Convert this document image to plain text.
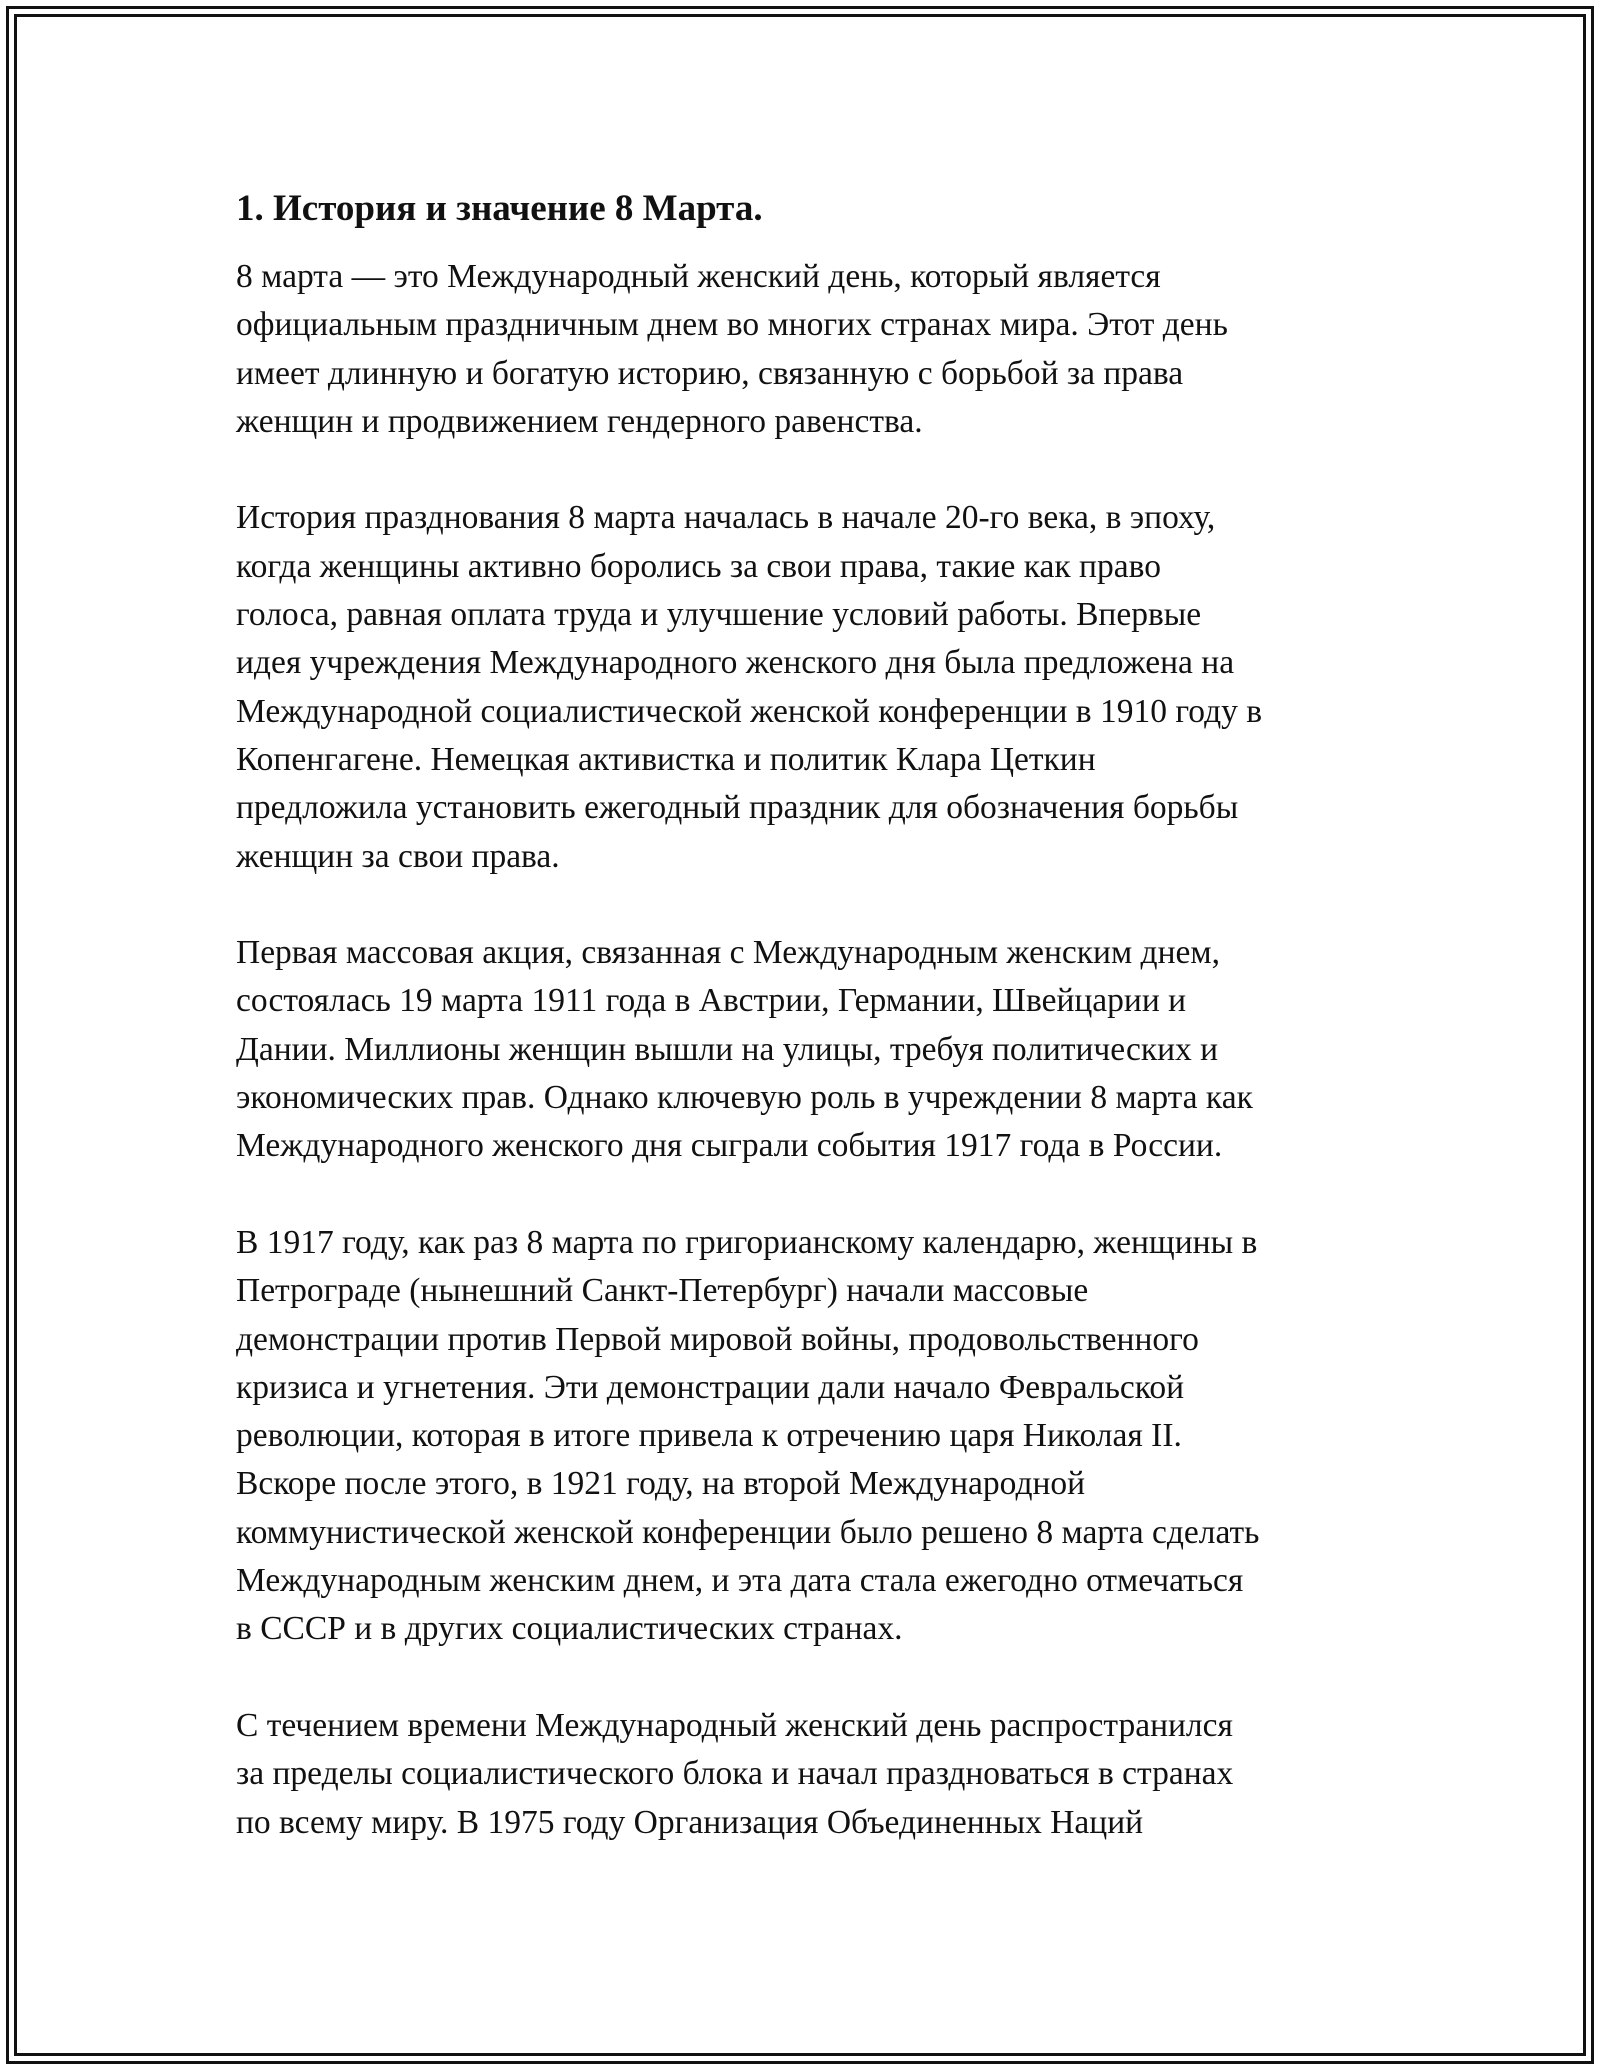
1. История и значение 8 Марта.

8 марта — это Международный женский день, который является
официальным праздничным днем во многих странах мира. Этот день
имеет длинную и богатую историю, связанную с борьбой за права
женщин и продвижением гендерного равенства.

История празднования 8 марта началась в начале 20-го века, в эпоху,
когда женщины активно боролись за свои права, такие как право
голоса, равная оплата труда и улучшение условий работы. Впервые
идея учреждения Международного женского дня была предложена на
Международной социалистической женской конференции в 1910 году в
Копенгагене. Немецкая активистка и политик Клара Цеткин
предложила установить ежегодный праздник для обозначения борьбы
женщин за свои права.

Первая массовая акция, связанная с Международным женским днем,
состоялась 19 марта 1911 года в Австрии, Германии, Швейцарии и
Дании. Миллионы женщин вышли на улицы, требуя политических и
экономических прав. Однако ключевую роль в учреждении 8 марта как
Международного женского дня сыграли события 1917 года в России.

В 1917 году, как раз 8 марта по григорианскому календарю, женщины в
Петрограде (нынешний Санкт-Петербург) начали массовые
демонстрации против Первой мировой войны, продовольственного
кризиса и угнетения. Эти демонстрации дали начало Февральской
революции, которая в итоге привела к отречению царя Николая II.
Вскоре после этого, в 1921 году, на второй Международной
коммунистической женской конференции было решено 8 марта сделать
Международным женским днем, и эта дата стала ежегодно отмечаться
в СССР и в других социалистических странах.

С течением времени Международный женский день распространился
за пределы социалистического блока и начал праздноваться в странах
по всему миру. В 1975 году Организация Объединенных Наций
